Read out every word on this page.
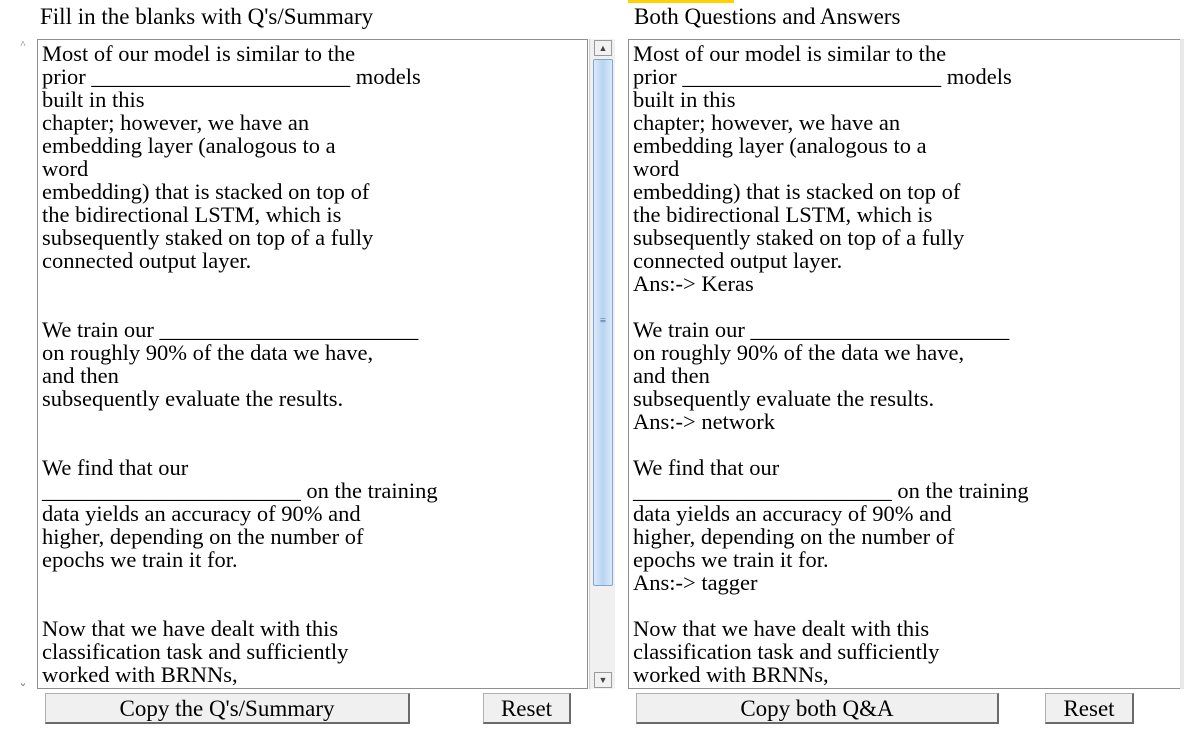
Fill in the blanks with Q's/Summary	Both Questions and Answers
^
⌄
Most of our model is similar to the
prior _______________________ models
built in this
chapter; however, we have an
embedding layer (analogous to a
word
embedding) that is stacked on top of
the bidirectional LSTM, which is
subsequently staked on top of a fully
connected output layer.

We train our _______________________
on roughly 90% of the data we have,
and then
subsequently evaluate the results.

We find that our
_______________________ on the training
data yields an accuracy of 90% and
higher, depending on the number of
epochs we train it for.

Now that we have dealt with this
classification task and sufficiently
worked with BRNNs,
▲
≡
▼
Most of our model is similar to the
prior _______________________ models
built in this
chapter; however, we have an
embedding layer (analogous to a
word
embedding) that is stacked on top of
the bidirectional LSTM, which is
subsequently staked on top of a fully
connected output layer.
Ans:-> Keras

We train our _______________________
on roughly 90% of the data we have,
and then
subsequently evaluate the results.
Ans:-> network

We find that our
_______________________ on the training
data yields an accuracy of 90% and
higher, depending on the number of
epochs we train it for.
Ans:-> tagger

Now that we have dealt with this
classification task and sufficiently
worked with BRNNs,
Copy the Q's/Summary	Reset	Copy both Q&A	Reset
